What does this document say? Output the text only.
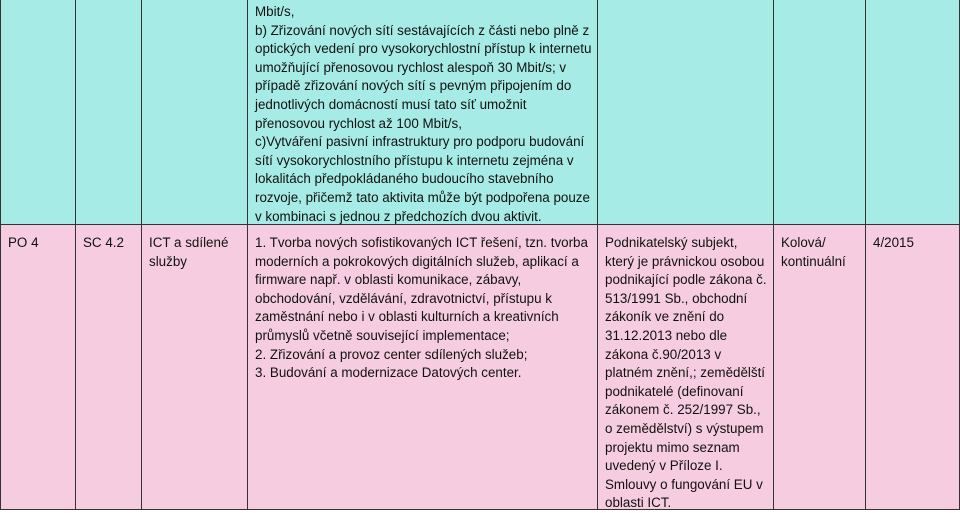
PO 4	SC 4.2	ICT a sdílené služby
Mbit/s,
b) Zřizování nových sítí sestávajících z části nebo plně z optických vedení pro vysokorychlostní přístup k internetu umožňující přenosovou rychlost alespoň 30 Mbit/s; v případě zřizování nových sítí s pevným připojením do jednotlivých domácností musí tato síť umožnit přenosovou rychlost až 100 Mbit/s,
c)Vytváření pasivní infrastruktury pro podporu budování sítí vysokorychlostního přístupu k internetu zejména v lokalitách předpokládaného budoucího stavebního rozvoje, přičemž tato aktivita může být podpořena pouze v kombinaci s jednou z předchozích dvou aktivit.
1. Tvorba nových sofistikovaných ICT řešení, tzn. tvorba moderních a pokrokových digitálních služeb, aplikací a firmware např. v oblasti komunikace, zábavy, obchodování, vzdělávání, zdravotnictví, přístupu k zaměstnání nebo i v oblasti kulturních a kreativních průmyslů včetně související implementace;
2. Zřizování a provoz center sdílených služeb;
3. Budování a modernizace Datových center.
Podnikatelský subjekt, který je právnickou osobou podnikající podle zákona č. 513/1991 Sb., obchodní zákoník ve znění do 31.12.2013 nebo dle zákona č.90/2013 v platném znění,; zemědělští podnikatelé (definovaní zákonem č. 252/1997 Sb., o zemědělství) s výstupem projektu mimo seznam uvedený v Příloze I. Smlouvy o fungování EU v oblasti ICT.
Kolová/ kontinuální
4/2015
